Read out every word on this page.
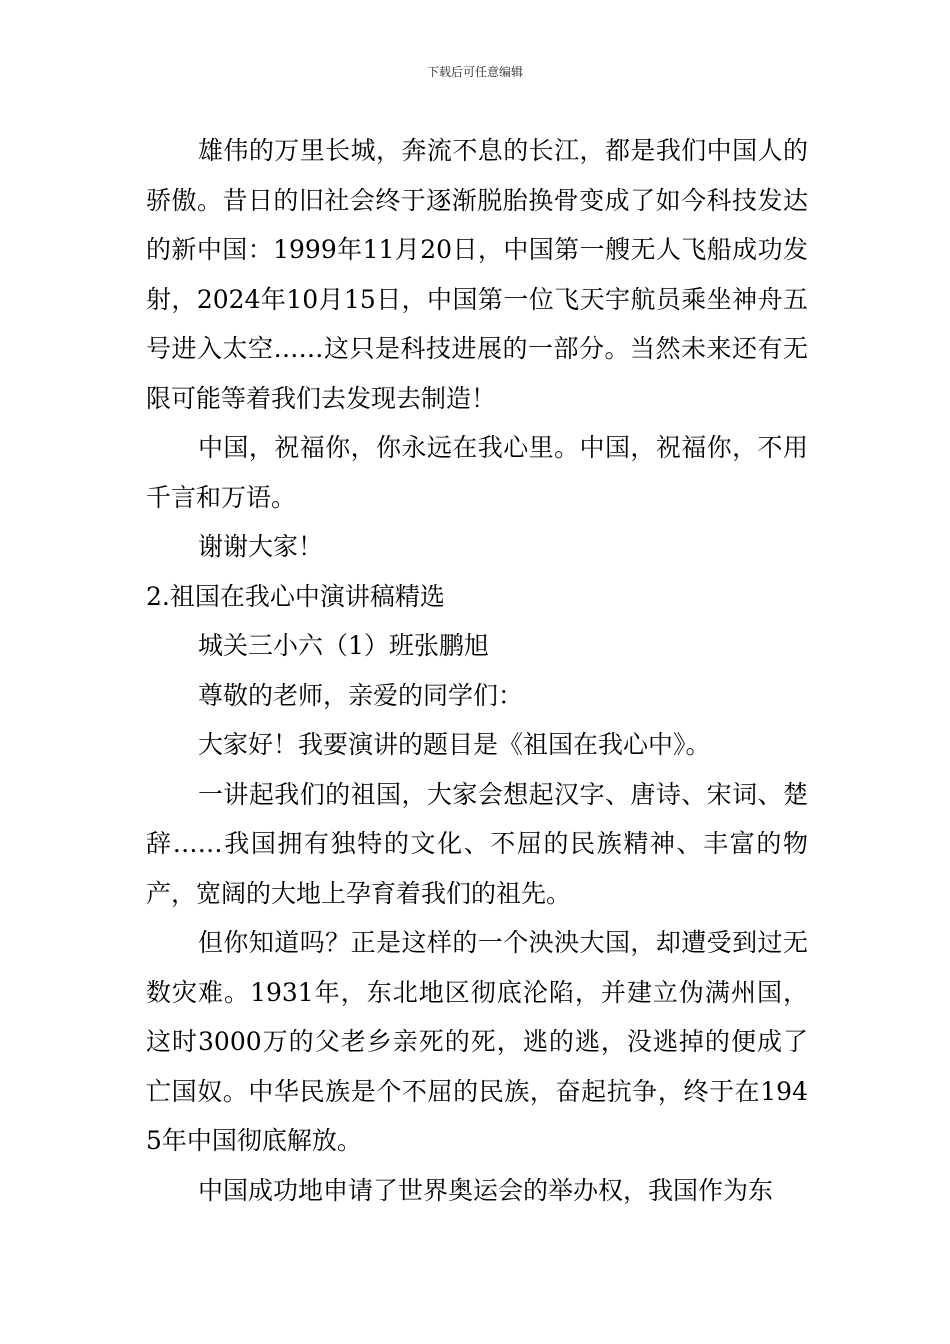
下载后可任意编辑

雄伟的万里长城，奔流不息的长江，都是我们中国人的骄傲。昔日的旧社会终于逐渐脱胎换骨变成了如今科技发达的新中国：1999年11月20日，中国第一艘无人飞船成功发射，2024年10月15日，中国第一位飞天宇航员乘坐神舟五号进入太空……这只是科技进展的一部分。当然未来还有无限可能等着我们去发现去制造！

中国，祝福你，你永远在我心里。中国，祝福你，不用千言和万语。

谢谢大家！

2.祖国在我心中演讲稿精选

城关三小六（1）班张鹏旭

尊敬的老师，亲爱的同学们：

大家好！我要演讲的题目是《祖国在我心中》。

一讲起我们的祖国，大家会想起汉字、唐诗、宋词、楚辞……我国拥有独特的文化、不屈的民族精神、丰富的物产，宽阔的大地上孕育着我们的祖先。

但你知道吗？正是这样的一个泱泱大国，却遭受到过无数灾难。1931年，东北地区彻底沦陷，并建立伪满州国，这时3000万的父老乡亲死的死，逃的逃，没逃掉的便成了亡国奴。中华民族是个不屈的民族，奋起抗争，终于在1945年中国彻底解放。

中国成功地申请了世界奥运会的举办权，我国作为东
